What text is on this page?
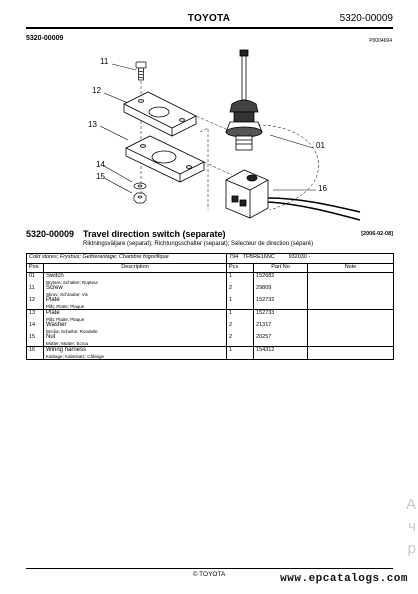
TOYOTA	5320-00009
5320-00009	P0004694
11
12
13
14
15
01
16
5320-00009 Travel direction switch (separate)	[2006-02-08]
Riktningsväljare (separat); Richtungsschalter (separat); Sélecteur de direction (séparé)
Cold stores; Fryshus; Gefrieranlage; Chambre frigorifique		794 TFBRE16NC 932030 -		
Pos	Description	Pcs	Part No	Note
01	Switch
Brytare; Schalter; Rupteur	1	152682	
11	Screw
Skruv; Schraube; Vis	2	29809	
12	Plate
Plåt; Platte; Plaque	1	152732	
13	Plate
Plåt; Platte; Plaque	1	152733	
14	Washer
Bricka; Scheibe; Rondelle	2	21317	
15	Nut
Mutter; Mutter; Ecrou	2	20257	
16	Wiring harness
Kablage; Kabelsatz; Câblage	1	154312	
A
ч
р
© TOYOTA	www.epcatalogs.com
